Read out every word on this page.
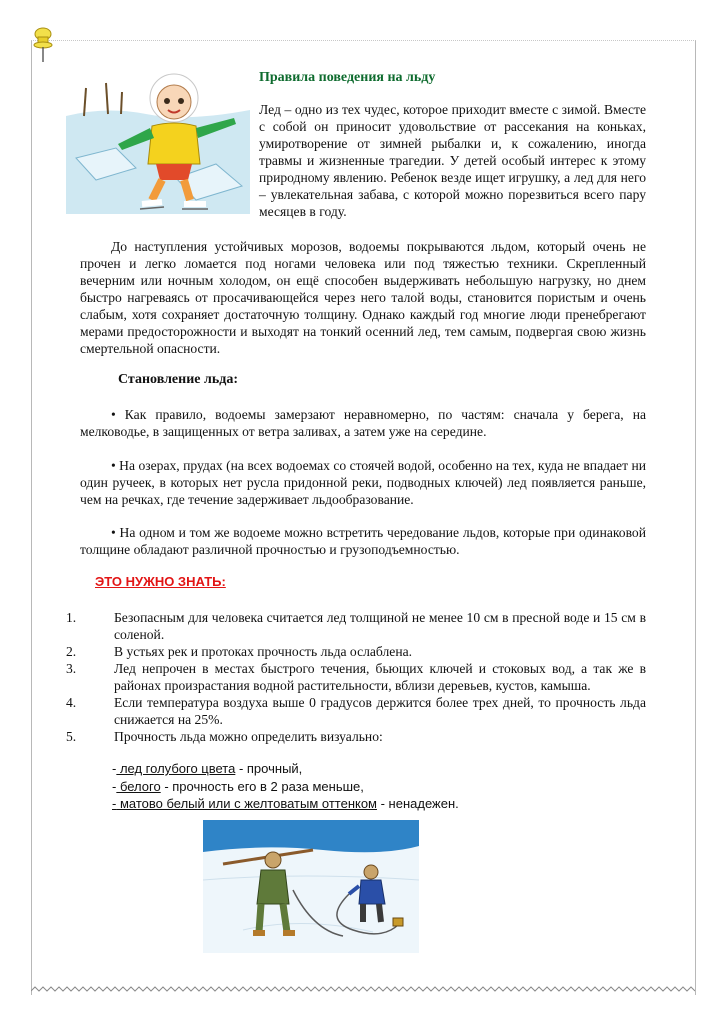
Правила поведения на льду

Лед – одно из тех чудес, которое приходит вместе с зимой. Вместе с собой он приносит удовольствие от рассекания на коньках, умиротворение от зимней рыбалки и, к сожалению, иногда травмы и жизненные трагедии. У детей особый интерес к этому природному явлению. Ребенок везде ищет игрушку, а лед для него – увлекательная забава, с которой можно порезвиться всего пару месяцев в году.

До наступления устойчивых морозов, водоемы покрываются льдом, который очень не прочен и легко ломается под ногами человека или под тяжестью техники. Скрепленный вечерним или ночным холодом, он ещё способен выдерживать небольшую нагрузку, но днем быстро нагреваясь от просачивающейся через него талой воды, становится пористым и очень слабым, хотя сохраняет достаточную толщину. Однако каждый год многие люди пренебрегают мерами предосторожности и выходят на тонкий осенний лед, тем самым, подвергая свою жизнь смертельной опасности.

Становление льда:

• Как правило, водоемы замерзают неравномерно, по частям: сначала у берега, на мелководье, в защищенных от ветра заливах, а затем уже на середине.

• На озерах, прудах (на всех водоемах со стоячей водой, особенно на тех, куда не впадает ни один ручеек, в которых нет русла придонной реки, подводных ключей) лед появляется раньше, чем на речках, где течение задерживает льдообразование.

• На одном и том же водоеме можно встретить чередование льдов, которые при одинаковой толщине обладают различной прочностью и грузоподъемностью.

ЭТО НУЖНО ЗНАТЬ:
1.	Безопасным для человека считается лед толщиной не менее 10 см в пресной воде и 15 см в соленой.
2.	В устьях рек и протоках прочность льда ослаблена.
3.	Лед непрочен в местах быстрого течения, бьющих ключей и стоковых вод, а так же в районах произрастания водной растительности, вблизи деревьев, кустов, камыша.
4.	Если температура воздуха выше 0 градусов держится более трех дней, то прочность льда снижается на 25%.
5.	Прочность льда можно определить визуально:
- лед голубого цвета - прочный,
- белого - прочность его в 2 раза меньше,
- матово белый или с желтоватым оттенком - ненадежен.
